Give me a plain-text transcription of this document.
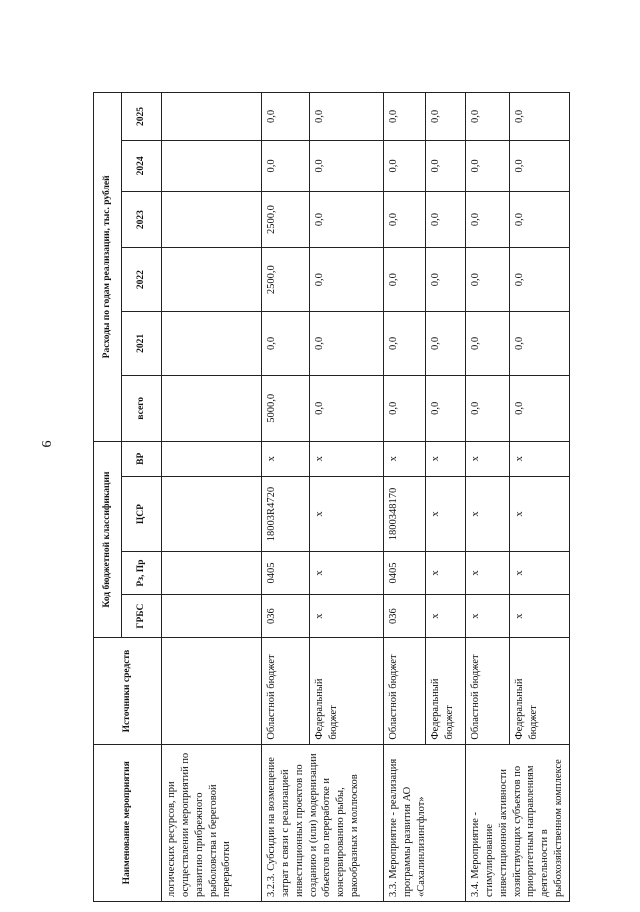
6
Наименование мероприятия	Источники средств	Код бюджетной классификации				Расходы по годам реализации, тыс. рублей					
		ГРБС	Рз, Пр	ЦСР	ВР	всего	2021	2022	2023	2024	2025
логических ресурсов, при осуществлении мероприятий по развитию прибрежного рыболовства и береговой переработки											
3.2.3. Субсидии на возмещение затрат в связи с реализацией инвестиционных проектов по созданию и (или) модернизации объектов по переработке и консервированию рыбы, ракообразных и моллюсков	Областной бюджет	036	0405	18003R4720	х	5000,0	0,0	2500,0	2500,0	0,0	0,0
	Федеральный бюджет	х	х	х	х	0,0	0,0	0,0	0,0	0,0	0,0
3.3. Мероприятие - реализация программы развития АО «Сахалинлизингфлот»	Областной бюджет	036	0405	1800348170	х	0,0	0,0	0,0	0,0	0,0	0,0
	Федеральный бюджет	х	х	х	х	0,0	0,0	0,0	0,0	0,0	0,0
3.4. Мероприятие - стимулирование инвестиционной активности хозяйствующих субъектов по приоритетным направлениям деятельности в рыбохозяйственном комплексе	Областной бюджет	х	х	х	х	0,0	0,0	0,0	0,0	0,0	0,0
	Федеральный бюджет	х	х	х	х	0,0	0,0	0,0	0,0	0,0	0,0
